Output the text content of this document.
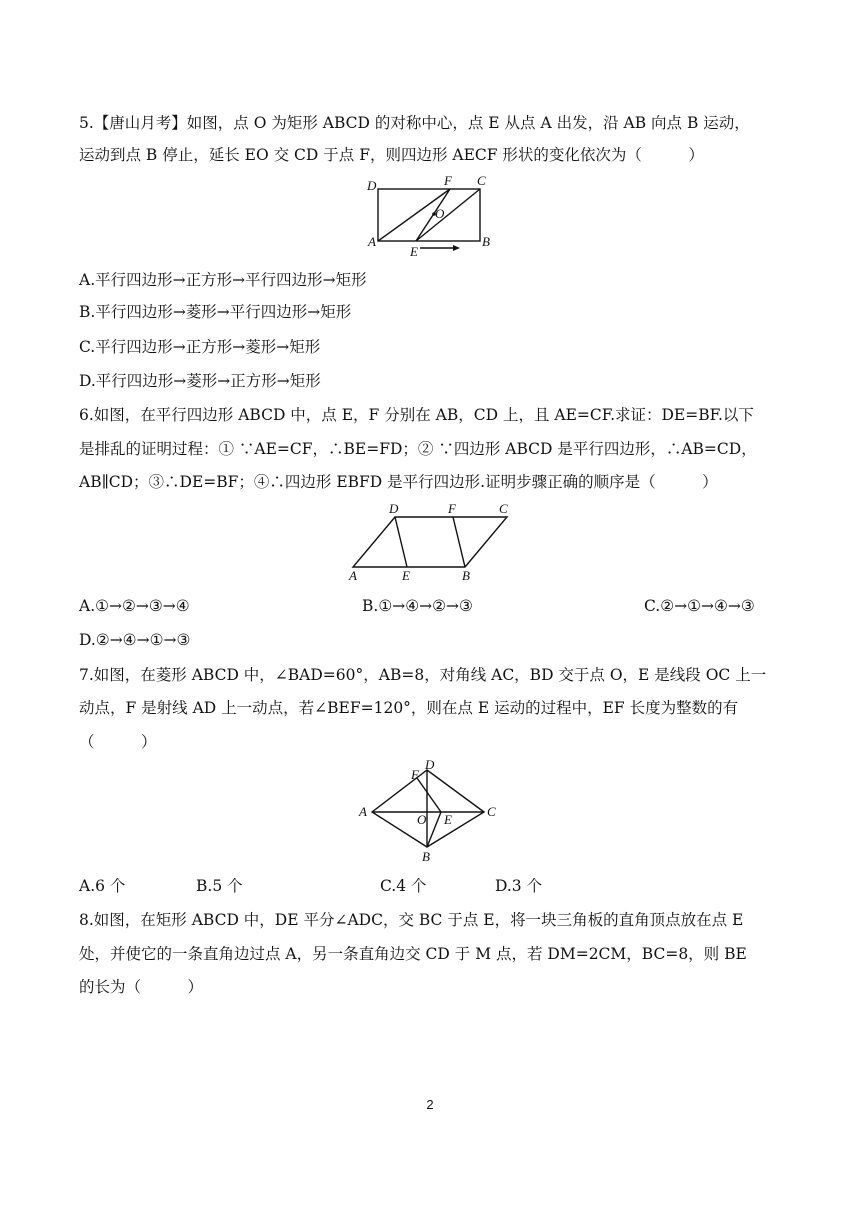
5.【唐山月考】如图，点 O 为矩形 ABCD 的对称中心，点 E 从点 A 出发，沿 AB 向点 B 运动，
运动到点 B 停止，延长 EO 交 CD 于点 F，则四边形 AECF 形状的变化依次为（　　　）
D	F C
O
A
E
B
A.平行四边形→正方形→平行四边形→矩形
B.平行四边形→菱形→平行四边形→矩形
C.平行四边形→正方形→菱形→矩形
D.平行四边形→菱形→正方形→矩形
6.如图，在平行四边形 ABCD 中，点 E，F 分别在 AB，CD 上，且 AE=CF.求证：DE=BF.以下
是排乱的证明过程：① ∵AE=CF，∴BE=FD；② ∵四边形 ABCD 是平行四边形，∴AB=CD，
AB∥CD；③∴DE=BF；④∴四边形 EBFD 是平行四边形.证明步骤正确的顺序是（　　　）
D	F	C
A	E	B
A.①→②→③→④	B.①→④→②→③	C.②→①→④→③
D.②→④→①→③
7.如图，在菱形 ABCD 中，∠BAD=60°，AB=8，对角线 AC，BD 交于点 O，E 是线段 OC 上一
动点，F 是射线 AD 上一动点，若∠BEF=120°，则在点 E 运动的过程中，EF 长度为整数的有
（　　　）
F
D
A
O E
C
B
A.6 个	B.5 个	C.4 个	D.3 个
8.如图，在矩形 ABCD 中，DE 平分∠ADC，交 BC 于点 E，将一块三角板的直角顶点放在点 E
处，并使它的一条直角边过点 A，另一条直角边交 CD 于 M 点，若 DM=2CM，BC=8，则 BE
的长为（　　　）
2
